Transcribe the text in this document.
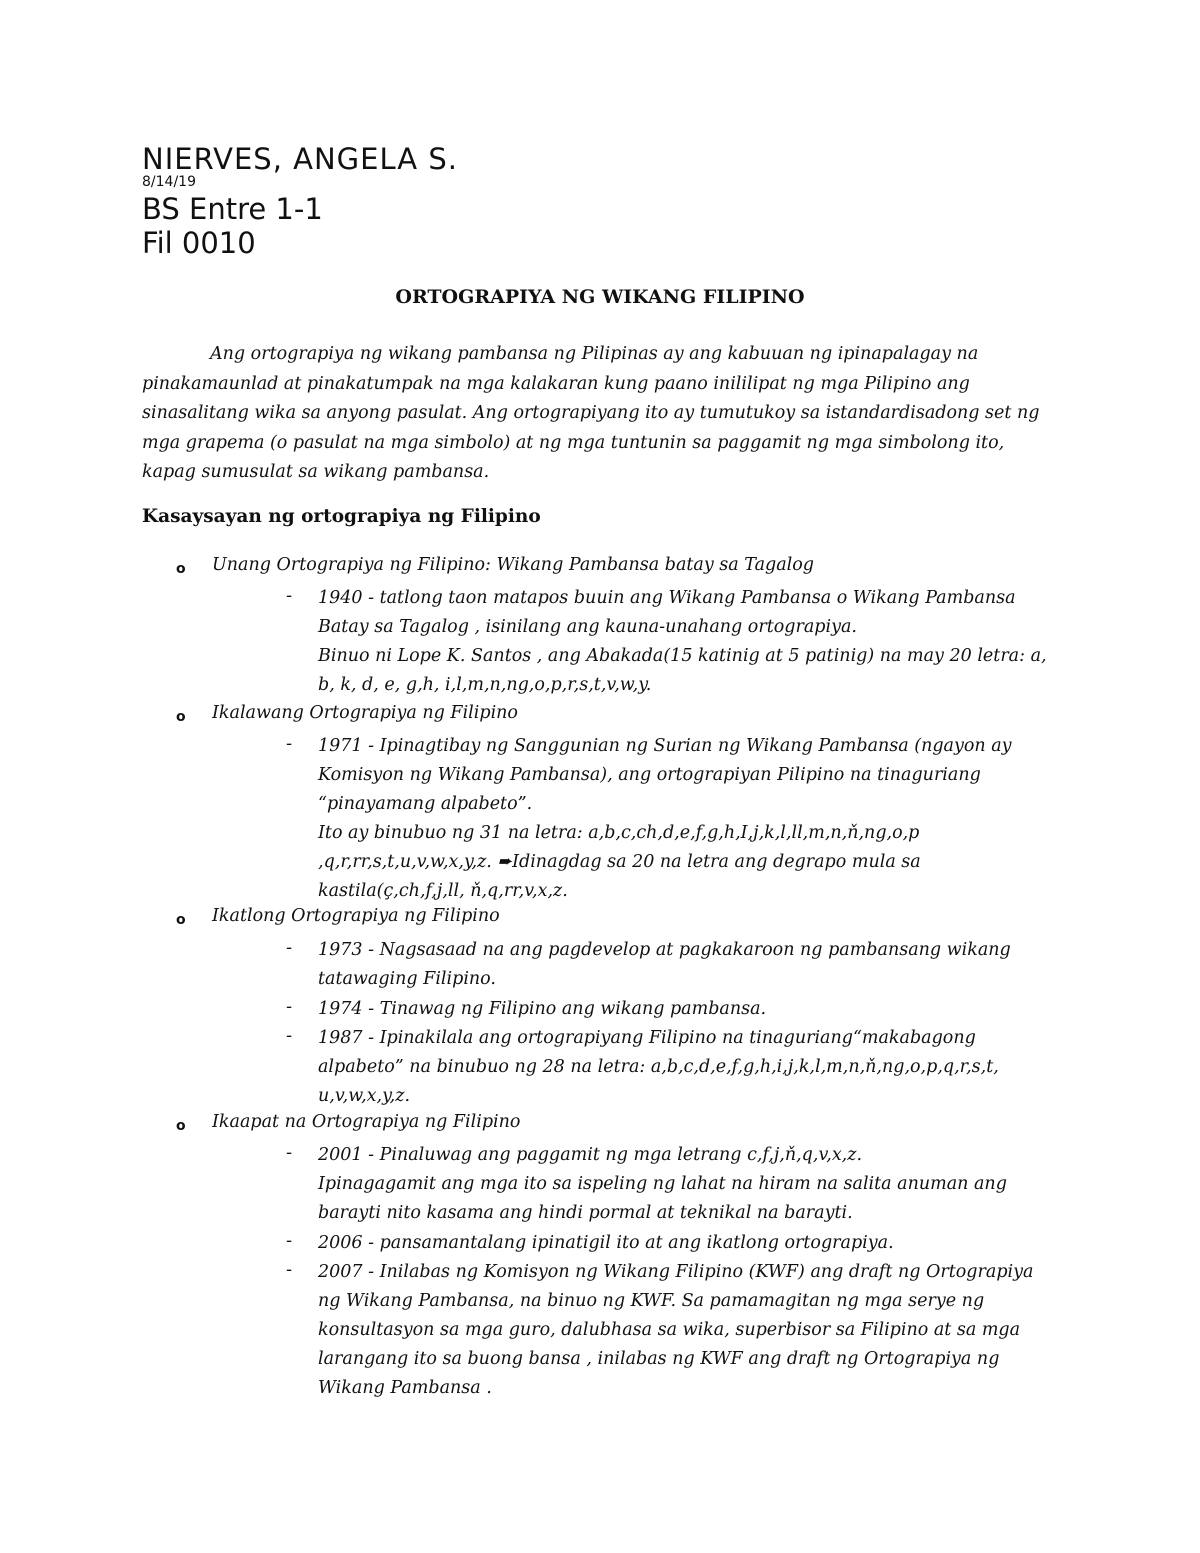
NIERVES, ANGELA S.
8/14/19
BS Entre 1-1
Fil 0010
ORTOGRAPIYA NG WIKANG FILIPINO
Ang ortograpiya ng wikang pambansa ng Pilipinas ay ang kabuuan ng ipinapalagay na
pinakamaunlad at pinakatumpak na mga kalakaran kung paano inililipat ng mga Pilipino ang
sinasalitang wika sa anyong pasulat. Ang ortograpiyang ito ay tumutukoy sa istandardisadong set ng
mga grapema (o pasulat na mga simbolo) at ng mga tuntunin sa paggamit ng mga simbolong ito,
kapag sumusulat sa wikang pambansa.
Kasaysayan ng ortograpiya ng Filipino
o Unang Ortograpiya ng Filipino: Wikang Pambansa batay sa Tagalog
- 1940 - tatlong taon matapos buuin ang Wikang Pambansa o Wikang Pambansa
Batay sa Tagalog , isinilang ang kauna-unahang ortograpiya.
Binuo ni Lope K. Santos , ang Abakada(15 katinig at 5 patinig) na may 20 letra: a,
b, k, d, e, g,h, i,l,m,n,ng,o,p,r,s,t,v,w,y.
o Ikalawang Ortograpiya ng Filipino
- 1971 - Ipinagtibay ng Sanggunian ng Surian ng Wikang Pambansa (ngayon ay
Komisyon ng Wikang Pambansa), ang ortograpiyan Pilipino na tinaguriang
“pinayamang alpabeto”.
Ito ay binubuo ng 31 na letra: a,b,c,ch,d,e,f,g,h,I,j,k,l,ll,m,n,ň,ng,o,p
,q,r,rr,s,t,u,v,w,x,y,z. ➨Idinagdag sa 20 na letra ang degrapo mula sa
kastila(ç,ch,f,j,ll, ň,q,rr,v,x,z.
o Ikatlong Ortograpiya ng Filipino
- 1973 - Nagsasaad na ang pagdevelop at pagkakaroon ng pambansang wikang
tatawaging Filipino.
- 1974 - Tinawag ng Filipino ang wikang pambansa.
- 1987 - Ipinakilala ang ortograpiyang Filipino na tinaguriang“makabagong
alpabeto” na binubuo ng 28 na letra: a,b,c,d,e,f,g,h,i,j,k,l,m,n,ň,ng,o,p,q,r,s,t,
u,v,w,x,y,z.
o Ikaapat na Ortograpiya ng Filipino
- 2001 - Pinaluwag ang paggamit ng mga letrang c,f,j,ň,q,v,x,z.
Ipinagagamit ang mga ito sa ispeling ng lahat na hiram na salita anuman ang
barayti nito kasama ang hindi pormal at teknikal na barayti.
- 2006 - pansamantalang ipinatigil ito at ang ikatlong ortograpiya.
- 2007 - Inilabas ng Komisyon ng Wikang Filipino (KWF) ang draft ng Ortograpiya
ng Wikang Pambansa, na binuo ng KWF. Sa pamamagitan ng mga serye ng
konsultasyon sa mga guro, dalubhasa sa wika, superbisor sa Filipino at sa mga
larangang ito sa buong bansa , inilabas ng KWF ang draft ng Ortograpiya ng
Wikang Pambansa .
